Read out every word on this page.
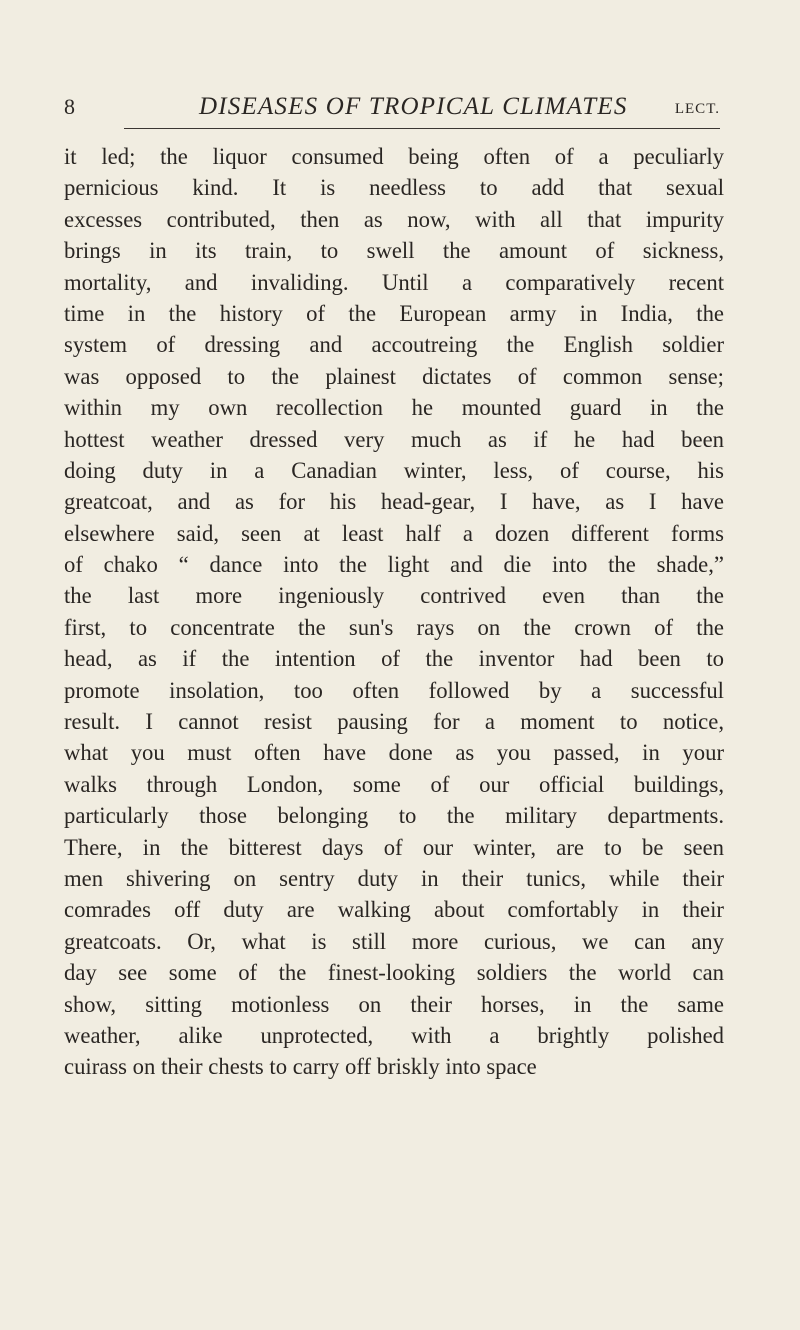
8	DISEASES OF TROPICAL CLIMATES	LECT.
it led; the liquor consumed being often of a peculiarly
pernicious kind. It is needless to add that sexual
excesses contributed, then as now, with all that impurity
brings in its train, to swell the amount of sickness,
mortality, and invaliding. Until a comparatively recent
time in the history of the European army in India, the
system of dressing and accoutreing the English soldier
was opposed to the plainest dictates of common sense;
within my own recollection he mounted guard in the
hottest weather dressed very much as if he had been
doing duty in a Canadian winter, less, of course, his
greatcoat, and as for his head-gear, I have, as I have
elsewhere said, seen at least half a dozen different forms
of chako “ dance into the light and die into the shade,”
the last more ingeniously contrived even than the
first, to concentrate the sun's rays on the crown of the
head, as if the intention of the inventor had been to
promote insolation, too often followed by a successful
result. I cannot resist pausing for a moment to notice,
what you must often have done as you passed, in your
walks through London, some of our official buildings,
particularly those belonging to the military departments.
There, in the bitterest days of our winter, are to be seen
men shivering on sentry duty in their tunics, while their
comrades off duty are walking about comfortably in their
greatcoats. Or, what is still more curious, we can any
day see some of the finest-looking soldiers the world can
show, sitting motionless on their horses, in the same
weather, alike unprotected, with a brightly polished
cuirass on their chests to carry off briskly into space
